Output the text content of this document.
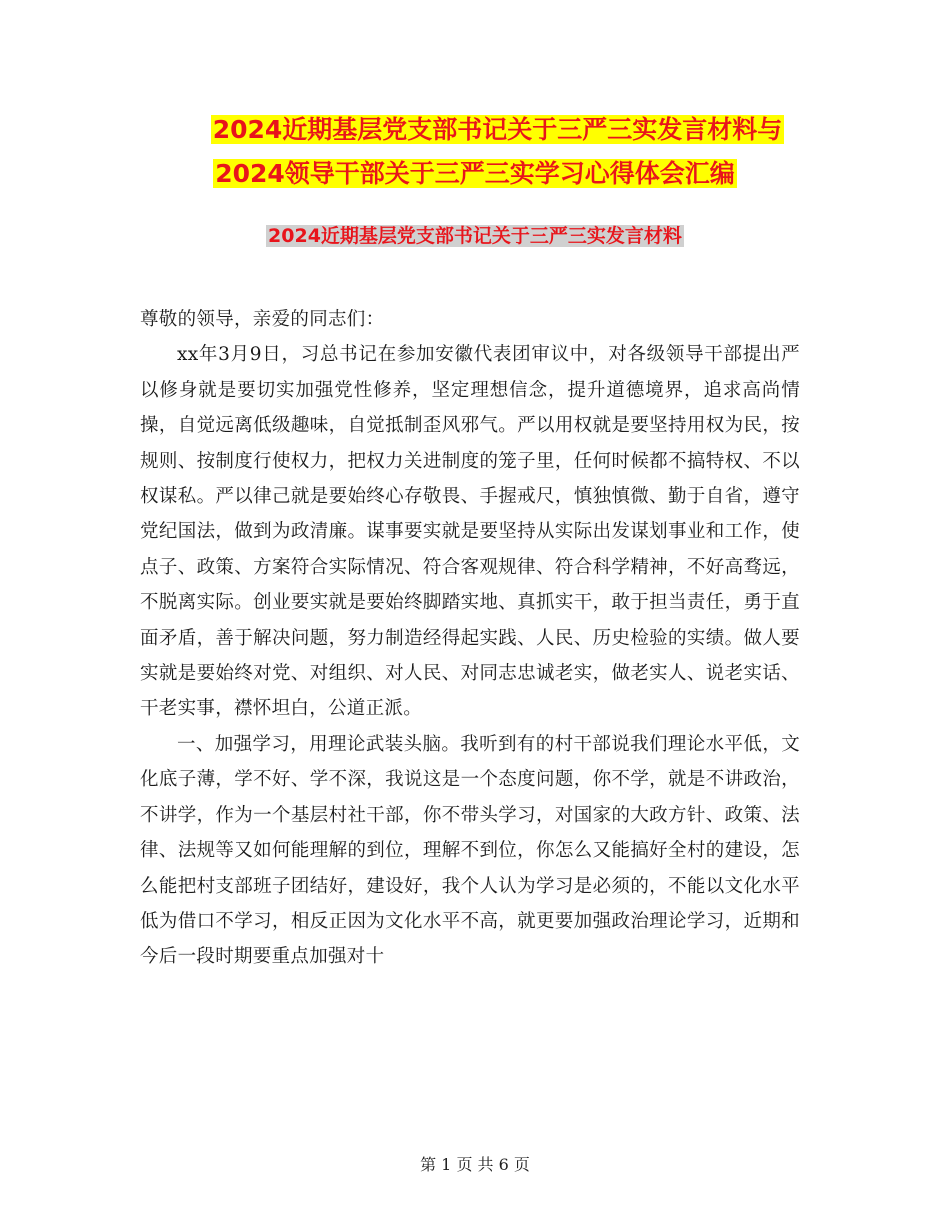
2024近期基层党支部书记关于三严三实发言材料与
2024领导干部关于三严三实学习心得体会汇编
2024近期基层党支部书记关于三严三实发言材料

尊敬的领导，亲爱的同志们：

xx年3月9日，习总书记在参加安徽代表团审议中，对各级领导干部提出严以修身就是要切实加强党性修养，坚定理想信念，提升道德境界，追求高尚情操，自觉远离低级趣味，自觉抵制歪风邪气。严以用权就是要坚持用权为民，按规则、按制度行使权力，把权力关进制度的笼子里，任何时候都不搞特权、不以权谋私。严以律己就是要始终心存敬畏、手握戒尺，慎独慎微、勤于自省，遵守党纪国法，做到为政清廉。谋事要实就是要坚持从实际出发谋划事业和工作，使点子、政策、方案符合实际情况、符合客观规律、符合科学精神，不好高骛远，不脱离实际。创业要实就是要始终脚踏实地、真抓实干，敢于担当责任，勇于直面矛盾，善于解决问题，努力制造经得起实践、人民、历史检验的实绩。做人要实就是要始终对党、对组织、对人民、对同志忠诚老实，做老实人、说老实话、干老实事，襟怀坦白，公道正派。

一、加强学习，用理论武装头脑。我听到有的村干部说我们理论水平低，文化底子薄，学不好、学不深，我说这是一个态度问题，你不学，就是不讲政治，不讲学，作为一个基层村社干部，你不带头学习，对国家的大政方针、政策、法律、法规等又如何能理解的到位，理解不到位，你怎么又能搞好全村的建设，怎么能把村支部班子团结好，建设好，我个人认为学习是必须的，不能以文化水平低为借口不学习，相反正因为文化水平不高，就更要加强政治理论学习，近期和今后一段时期要重点加强对十

第 1 页 共 6 页
